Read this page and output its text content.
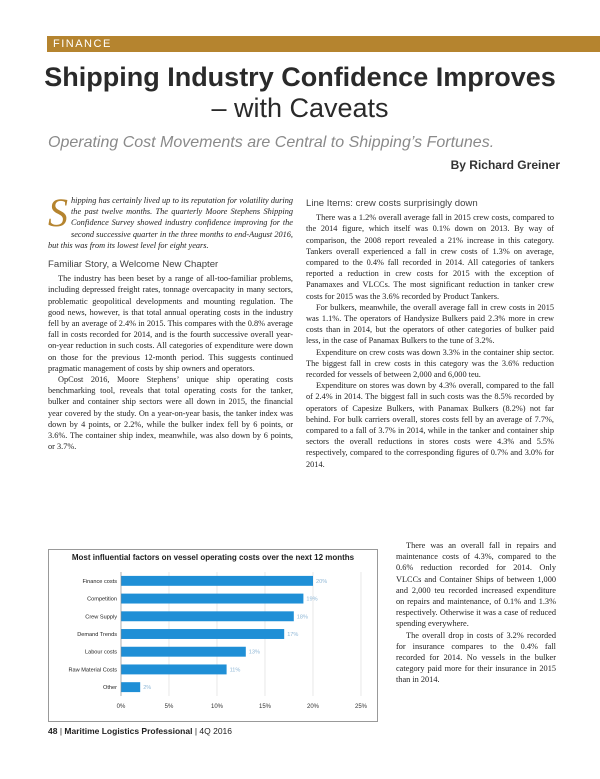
FINANCE
Shipping Industry Confidence Improves
– with Caveats
Operating Cost Movements are Central to Shipping’s Fortunes.
By Richard Greiner

Shipping has certainly lived up to its reputation for volatility during the past twelve months. The quarterly Moore Stephens Shipping Confidence Survey showed industry confidence improving for the second successive quarter in the three months to end-August 2016, but this was from its lowest level for eight years.

Familiar Story, a Welcome New Chapter

The industry has been beset by a range of all-too-familiar problems, including depressed freight rates, tonnage overcapacity in many sectors, problematic geopolitical developments and mounting regulation. The good news, however, is that total annual operating costs in the industry fell by an average of 2.4% in 2015. This compares with the 0.8% average fall in costs recorded for 2014, and is the fourth successive overall year-on-year reduction in such costs. All categories of expenditure were down on those for the previous 12-month period. This suggests continued pragmatic management of costs by ship owners and operators.

OpCost 2016, Moore Stephens’ unique ship operating costs benchmarking tool, reveals that total operating costs for the tanker, bulker and container ship sectors were all down in 2015, the financial year covered by the study. On a year-on-year basis, the tanker index was down by 4 points, or 2.2%, while the bulker index fell by 6 points, or 3.6%. The container ship index, meanwhile, was also down by 6 points, or 3.7%.

Line Items: crew costs surprisingly down

There was a 1.2% overall average fall in 2015 crew costs, compared to the 2014 figure, which itself was 0.1% down on 2013. By way of comparison, the 2008 report revealed a 21% increase in this category. Tankers overall experienced a fall in crew costs of 1.3% on average, compared to the 0.4% fall recorded in 2014. All categories of tankers reported a reduction in crew costs for 2015 with the exception of Panamaxes and VLCCs. The most significant reduction in tanker crew costs for 2015 was the 3.6% recorded by Product Tankers.

For bulkers, meanwhile, the overall average fall in crew costs in 2015 was 1.1%. The operators of Handysize Bulkers paid 2.3% more in crew costs than in 2014, but the operators of other categories of bulker paid less, in the case of Panamax Bulkers to the tune of 3.2%.

Expenditure on crew costs was down 3.3% in the container ship sector. The biggest fall in crew costs in this category was the 3.6% reduction recorded for vessels of between 2,000 and 6,000 teu.

Expenditure on stores was down by 4.3% overall, compared to the fall of 2.4% in 2014. The biggest fall in such costs was the 8.5% recorded by operators of Capesize Bulkers, with Panamax Bulkers (8.2%) not far behind. For bulk carriers overall, stores costs fell by an average of 7.7%, compared to a fall of 3.7% in 2014, while in the tanker and container ship sectors the overall reductions in stores costs were 4.3% and 5.5% respectively, compared to the corresponding figures of 0.7% and 3.0% for 2014.

Most influential factors on vessel operating costs over the next 12 months
0%	5%	10%	15%	20%	25%
Finance costs	20%
Competition	19%
Crew Supply	18%
Demand Trends	17%
Labour costs	13%
Raw Material Costs	11%
Other	2%

There was an overall fall in repairs and maintenance costs of 4.3%, compared to the 0.6% reduction recorded for 2014. Only VLCCs and Container Ships of between 1,000 and 2,000 teu recorded increased expenditure on repairs and maintenance, of 0.1% and 1.3% respectively. Otherwise it was a case of reduced spending everywhere.

The overall drop in costs of 3.2% recorded for insurance compares to the 0.4% fall recorded for 2014. No vessels in the bulker category paid more for their insurance in 2015 than in 2014.

48 | Maritime Logistics Professional | 4Q 2016
